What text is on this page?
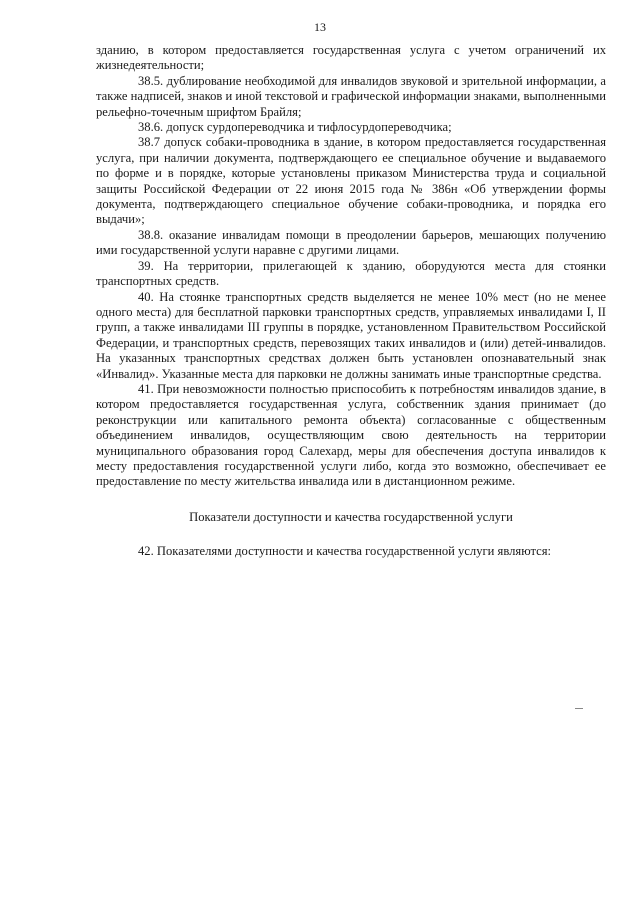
13

зданию, в котором предоставляется государственная услуга с учетом ограничений их жизнедеятельности;

38.5. дублирование необходимой для инвалидов звуковой и зрительной информации, а также надписей, знаков и иной текстовой и графической информации знаками, выполненными рельефно-точечным шрифтом Брайля;

38.6. допуск сурдопереводчика и тифлосурдопереводчика;

38.7 допуск собаки-проводника в здание, в котором предоставляется государственная услуга, при наличии документа, подтверждающего ее специальное обучение и выдаваемого по форме и в порядке, которые установлены приказом Министерства труда и социальной защиты Российской Федерации от 22 июня 2015 года № 386н «Об утверждении формы документа, подтверждающего специальное обучение собаки-проводника, и порядка его выдачи»;

38.8. оказание инвалидам помощи в преодолении барьеров, мешающих получению ими государственной услуги наравне с другими лицами.

39. На территории, прилегающей к зданию, оборудуются места для стоянки транспортных средств.

40. На стоянке транспортных средств выделяется не менее 10% мест (но не менее одного места) для бесплатной парковки транспортных средств, управляемых инвалидами I, II групп, а также инвалидами III группы в порядке, установленном Правительством Российской Федерации, и транспортных средств, перевозящих таких инвалидов и (или) детей-инвалидов. На указанных транспортных средствах должен быть установлен опознавательный знак «Инвалид». Указанные места для парковки не должны занимать иные транспортные средства.

41. При невозможности полностью приспособить к потребностям инвалидов здание, в котором предоставляется государственная услуга, собственник здания принимает (до реконструкции или капитального ремонта объекта) согласованные с общественным объединением инвалидов, осуществляющим свою деятельность на территории муниципального образования город Салехард, меры для обеспечения доступа инвалидов к месту предоставления государственной услуги либо, когда это возможно, обеспечивает ее предоставление по месту жительства инвалида или в дистанционном режиме.

Показатели доступности и качества государственной услуги

42. Показателями доступности и качества государственной услуги являются:
